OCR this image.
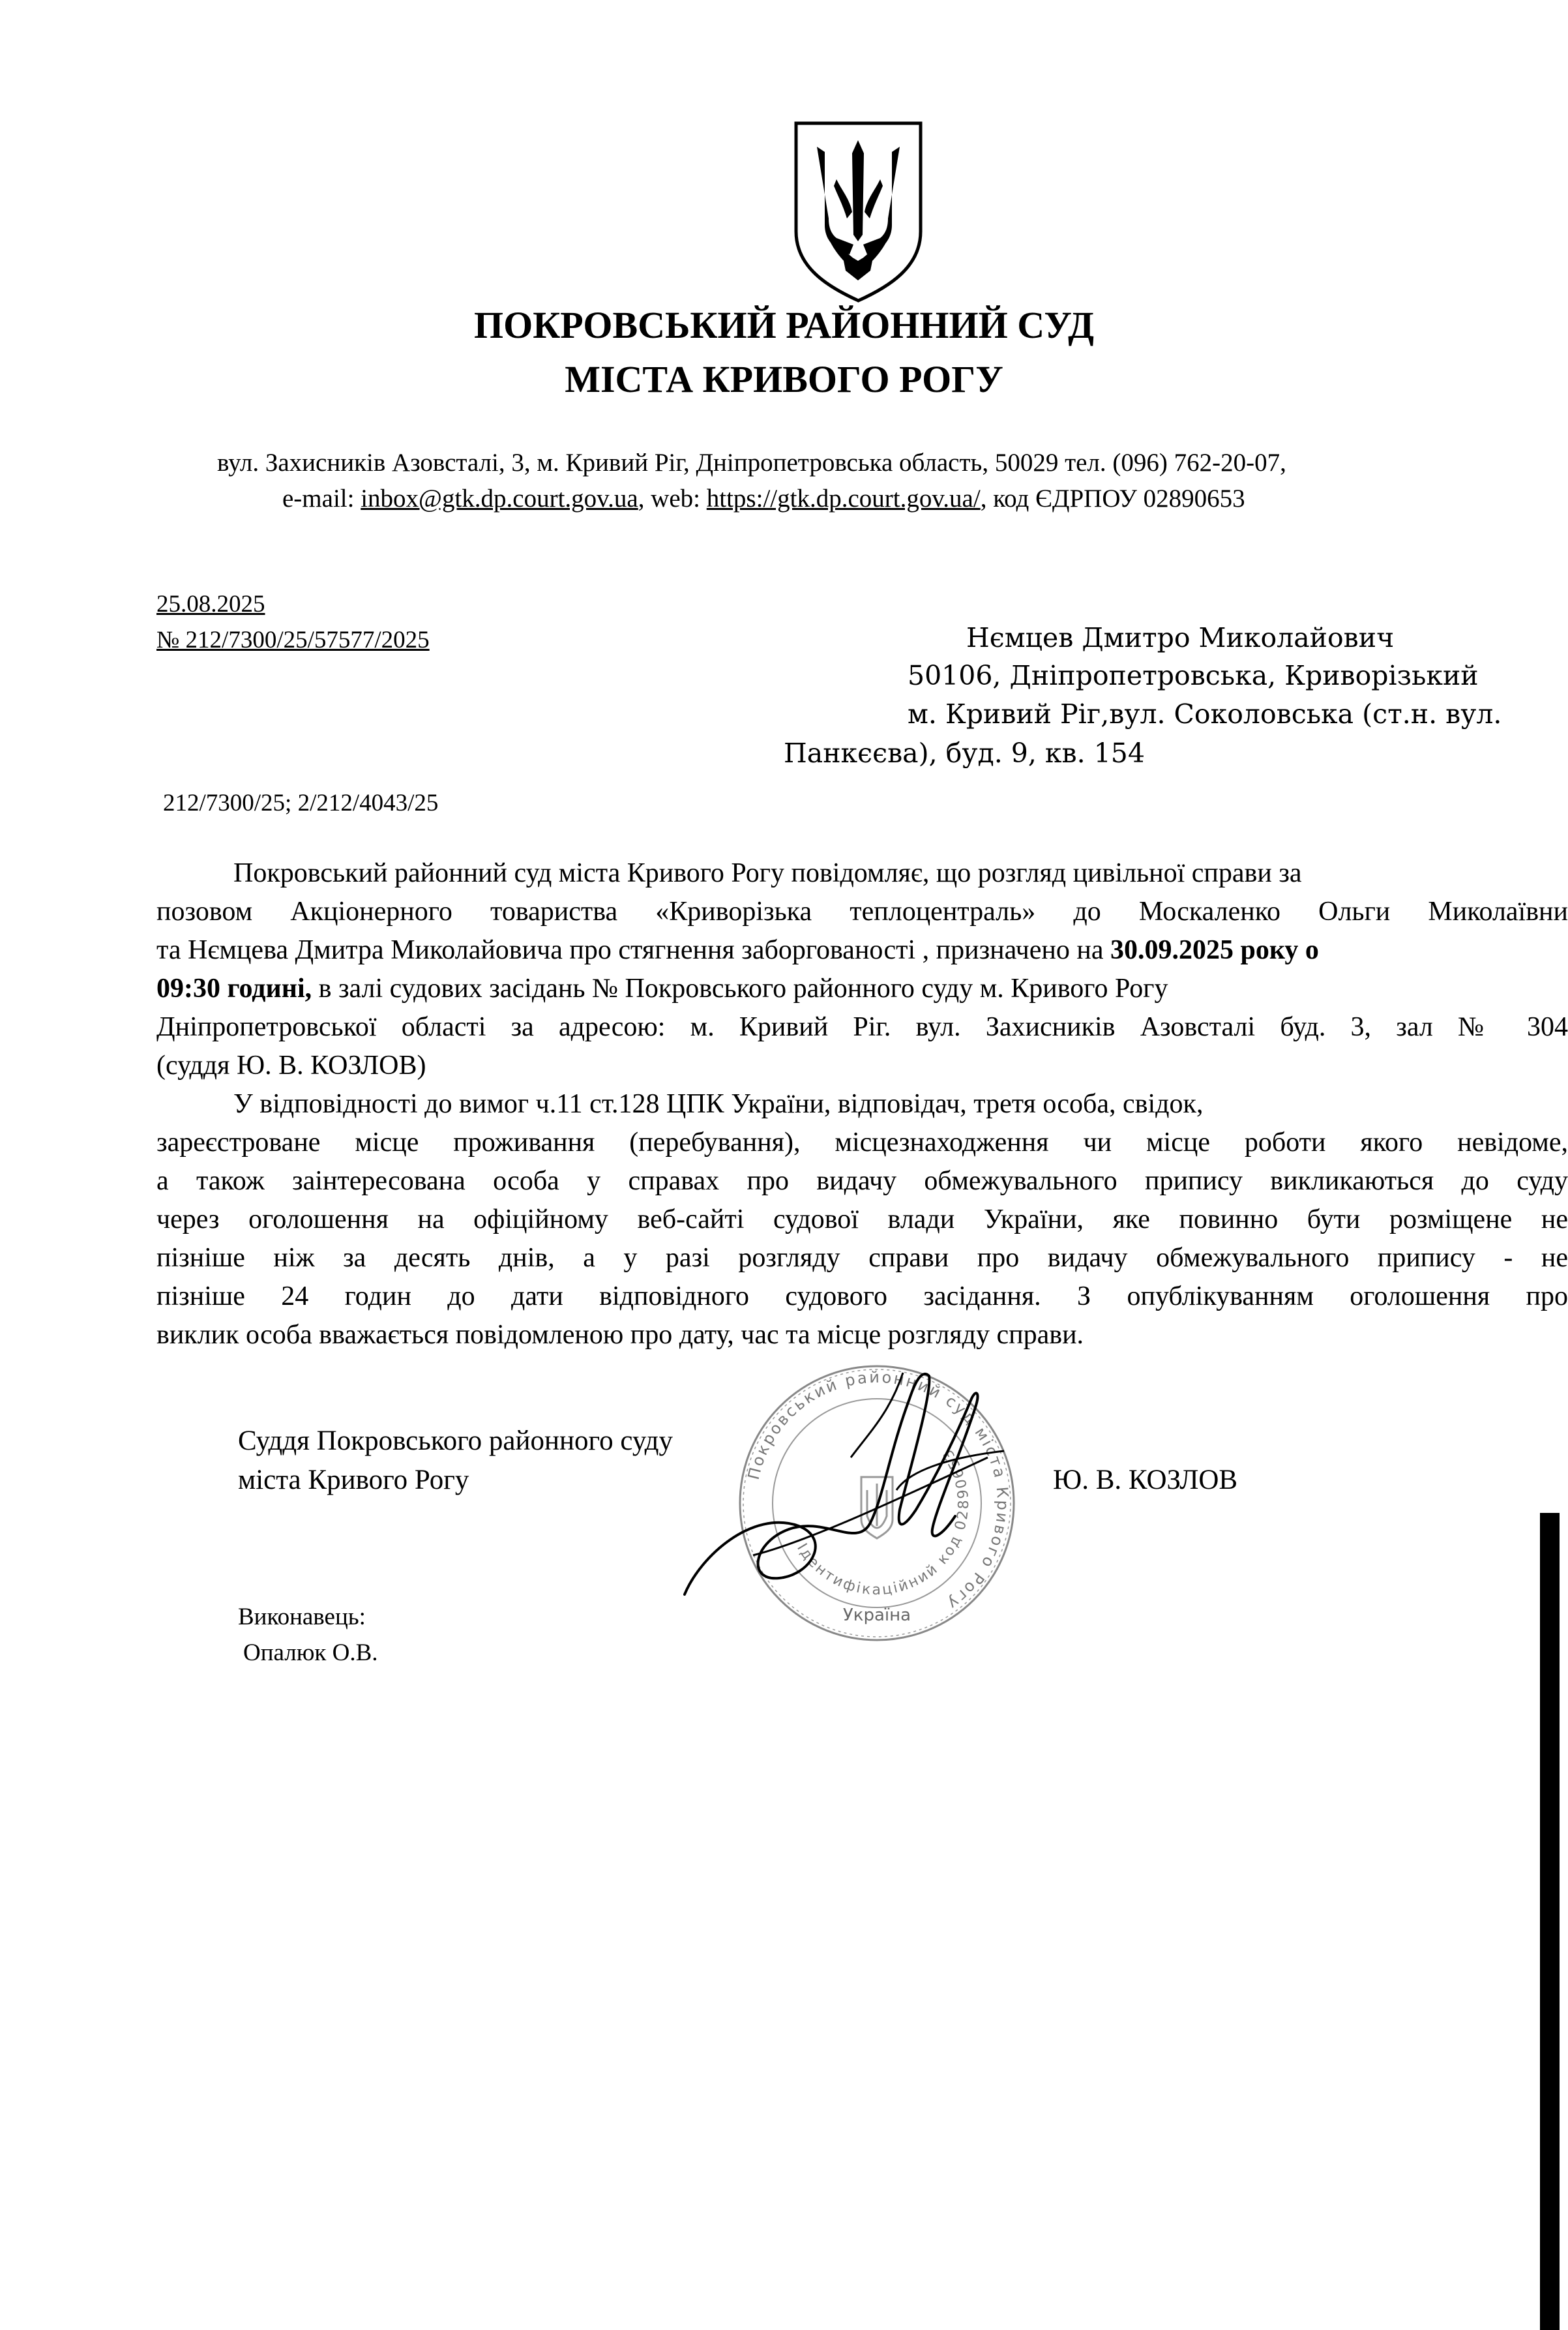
ПОКРОВСЬКИЙ РАЙОННИЙ СУД
МІСТА КРИВОГО РОГУ
вул. Захисників Азовсталі, 3, м. Кривий Ріг, Дніпропетровська область, 50029 тел. (096) 762-20-07,
e-mail: inbox@gtk.dp.court.gov.ua, web: https://gtk.dp.court.gov.ua/, код ЄДРПОУ 02890653
25.08.2025
№ 212/7300/25/57577/2025
212/7300/25; 2/212/4043/25
Нємцев Дмитро Миколайович
50106, Дніпропетровська, Криворізький
м. Кривий Ріг,вул. Соколовська (ст.н. вул.
Панкєєва), буд. 9, кв. 154
Покровський районний суд міста Кривого Рогу повідомляє, що розгляд цивільної справи за
позовом Акціонерного товариства «Криворізька теплоцентраль» до Москаленко Ольги Миколаївни
та Нємцева Дмитра Миколайовича про стягнення заборгованості , призначено на 30.09.2025 року о
09:30 годині, в залі судових засідань № Покровського районного суду м. Кривого Рогу
Дніпропетровської області за адресою: м. Кривий Ріг. вул. Захисників Азовсталі буд. 3, зал № 304
(суддя Ю. В. КОЗЛОВ)
У відповідності до вимог ч.11 ст.128 ЦПК України, відповідач, третя особа, свідок,
зареєстроване місце проживання (перебування), місцезнаходження чи місце роботи якого невідоме,
а також заінтересована особа у справах про видачу обмежувального припису викликаються до суду
через оголошення на офіційному веб-сайті судової влади України, яке повинно бути розміщене не
пізніше ніж за десять днів, а у разі розгляду справи про видачу обмежувального припису - не
пізніше 24 годин до дати відповідного судового засідання. З опублікуванням оголошення про
виклик особа вважається повідомленою про дату, час та місце розгляду справи.
Суддя Покровського районного суду
міста Кривого Рогу	Ю. В. КОЗЛОВ
Покровський районний суд міста Кривого Рогу
Ідентифікаційний код 02890653
Україна
Виконавець:
Опалюк О.В.
